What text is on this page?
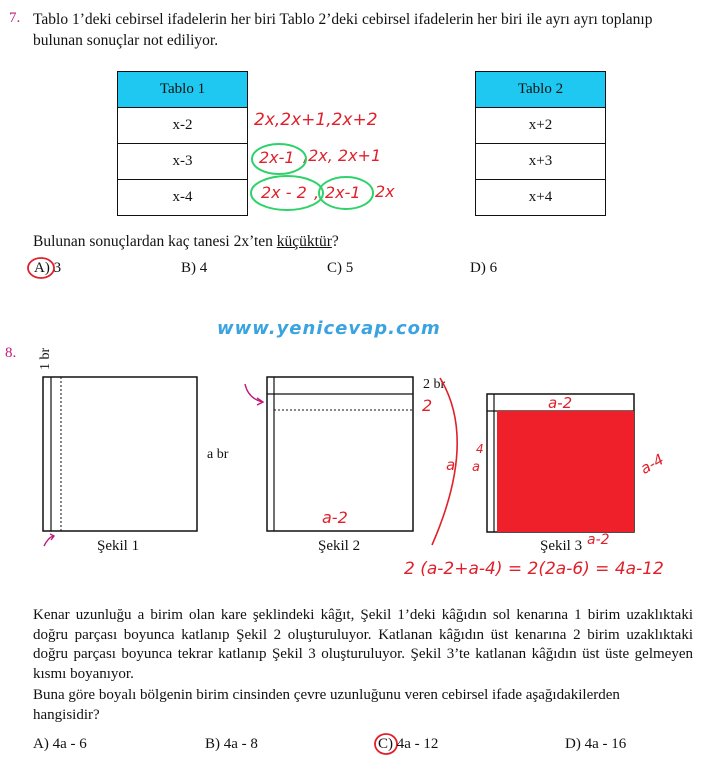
7. Tablo 1’deki cebirsel ifadelerin her biri Tablo 2’deki cebirsel ifadelerin her biri ile ayrı ayrı toplanıp
bulunan sonuçlar not ediliyor.
Tablo 1
x-2
x-3
x-4
Tablo 2
x+2
x+3
x+4
2x,2x+1,2x+2
2x-1 ,2x, 2x+1
2x - 2 , 2x-1 2x
Bulunan sonuçlardan kaç tanesi 2x’ten küçüktür?
A) 3	B) 4	C) 5	D) 6
www.yenicevap.com
8. 1 br
a br
2 br
Şekil 1	Şekil 2	Şekil 3
2
a-2
a
a-2
4
a	a-4
a-2
2 (a-2+a-4) = 2(2a-6) = 4a-12
Kenar uzunluğu a birim olan kare şeklindeki kâğıt, Şekil 1’deki kâğıdın sol kenarına 1 birim uzaklıktaki doğru parçası boyunca katlanıp Şekil 2 oluşturuluyor. Katlanan kâğıdın üst kenarına 2 birim uzaklıktaki doğru parçası boyunca tekrar katlanıp Şekil 3 oluşturuluyor. Şekil 3’te katlanan kâğıdın üst üste gelmeyen kısmı boyanıyor.
Buna göre boyalı bölgenin birim cinsinden çevre uzunluğunu veren cebirsel ifade aşağıdakilerden
hangisidir?
A) 4a - 6	B) 4a - 8	C) 4a - 12	D) 4a - 16
